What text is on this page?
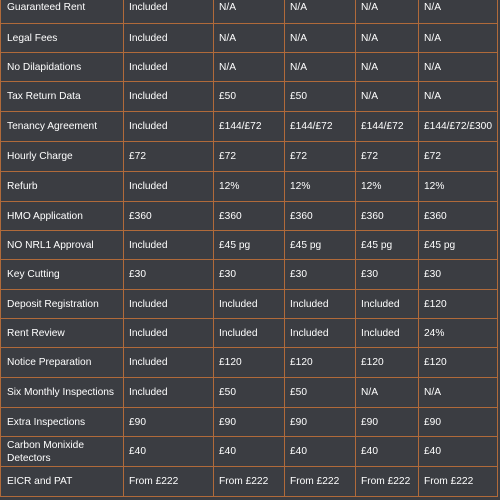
Guaranteed Rent	Included	N/A	N/A	N/A	N/A
Legal Fees	Included	N/A	N/A	N/A	N/A
No Dilapidations	Included	N/A	N/A	N/A	N/A
Tax Return Data	Included	£50	£50	N/A	N/A
Tenancy Agreement	Included	£144/£72	£144/£72	£144/£72	£144/£72/£300
Hourly Charge	£72	£72	£72	£72	£72
Refurb	Included	12%	12%	12%	12%
HMO Application	£360	£360	£360	£360	£360
NO NRL1 Approval	Included	£45 pg	£45 pg	£45 pg	£45 pg
Key Cutting	£30	£30	£30	£30	£30
Deposit Registration	Included	Included	Included	Included	£120
Rent Review	Included	Included	Included	Included	24%
Notice Preparation	Included	£120	£120	£120	£120
Six Monthly Inspections	Included	£50	£50	N/A	N/A
Extra Inspections	£90	£90	£90	£90	£90
Carbon Monixide Detectors	£40	£40	£40	£40	£40
EICR and PAT	From £222	From £222	From £222	From £222	From £222
